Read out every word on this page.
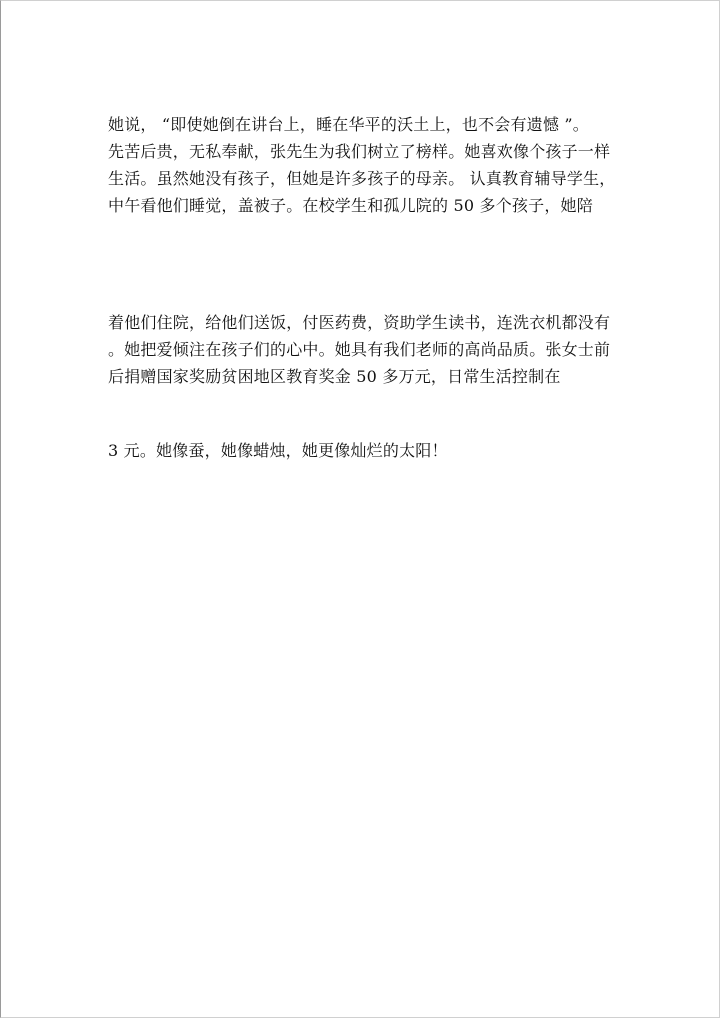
她说， “即使她倒在讲台上，睡在华平的沃土上，也不会有遗憾 ”。
先苦后贵，无私奉献，张先生为我们树立了榜样。她喜欢像个孩子一样
生活。虽然她没有孩子，但她是许多孩子的母亲。 认真教育辅导学生，
中午看他们睡觉，盖被子。在校学生和孤儿院的 50 多个孩子，她陪
着他们住院，给他们送饭，付医药费，资助学生读书，连洗衣机都没有
。她把爱倾注在孩子们的心中。她具有我们老师的高尚品质。张女士前
后捐赠国家奖励贫困地区教育奖金 50 多万元，日常生活控制在
3 元。她像蚕，她像蜡烛，她更像灿烂的太阳！
